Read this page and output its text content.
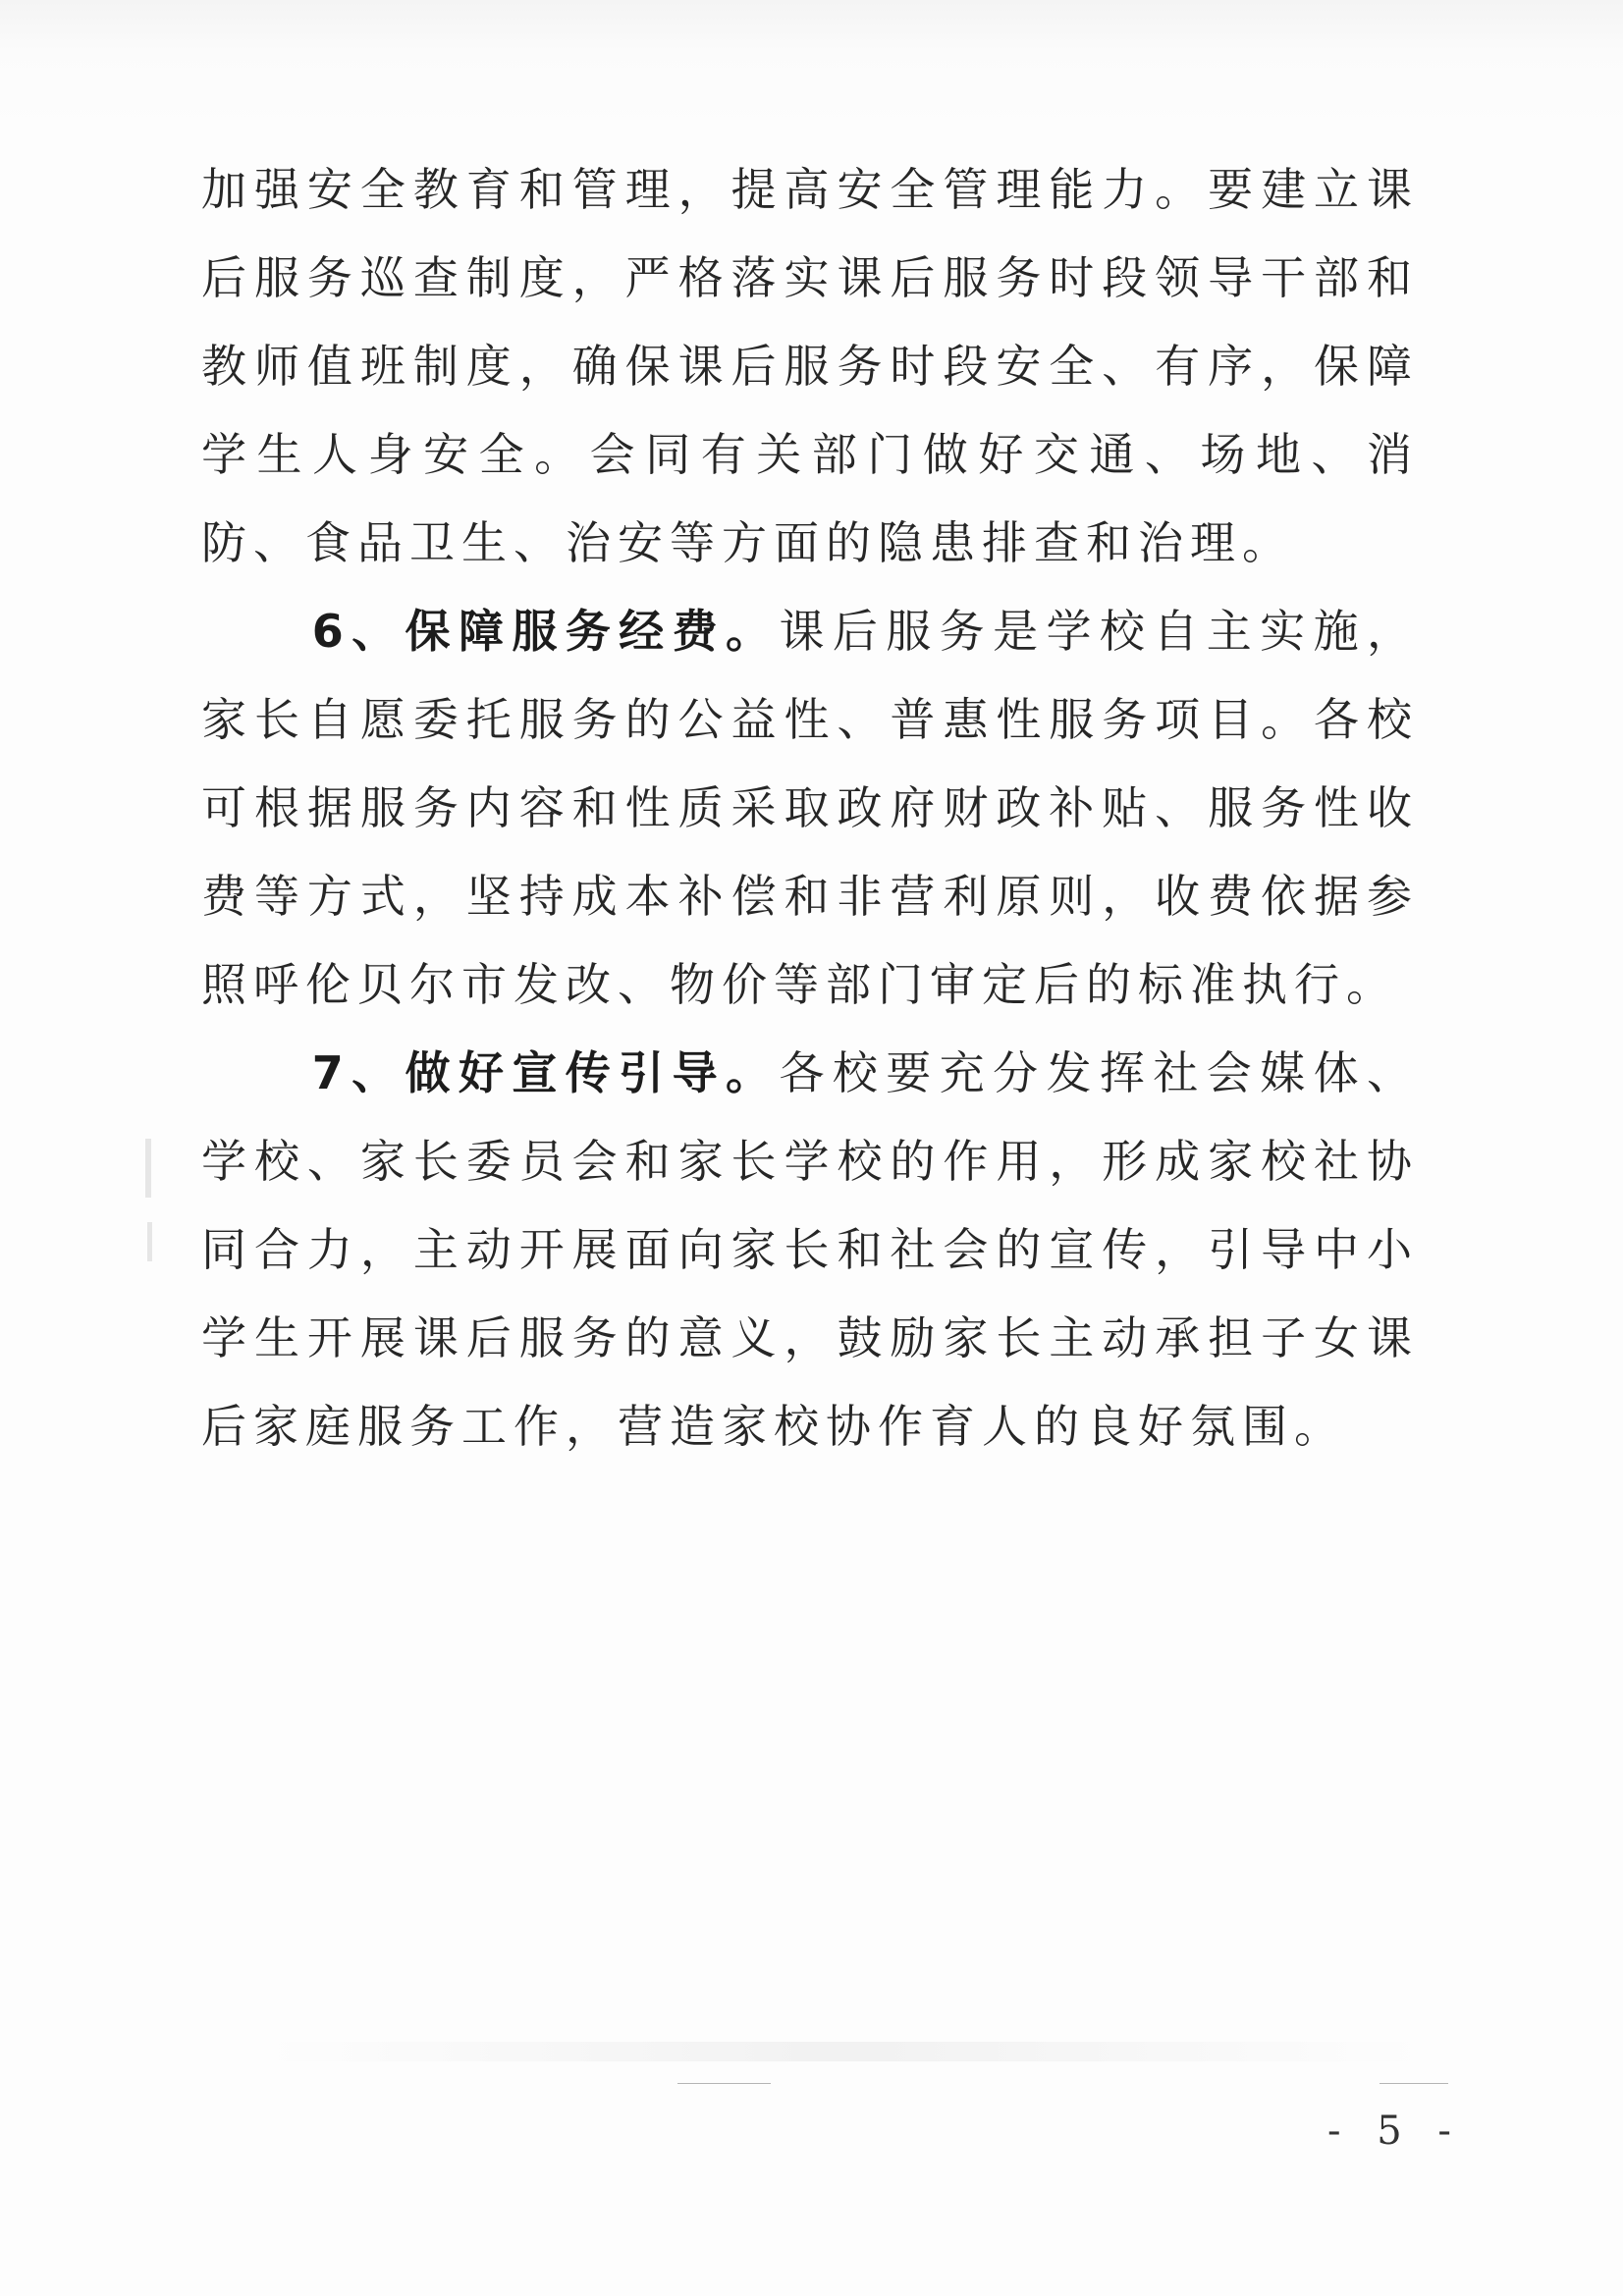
加强安全教育和管理，提高安全管理能力。要建立课后服务巡查制度，严格落实课后服务时段领导干部和教师值班制度，确保课后服务时段安全、有序，保障学生人身安全。会同有关部门做好交通、场地、消防、食品卫生、治安等方面的隐患排查和治理。

6、保障服务经费。课后服务是学校自主实施，家长自愿委托服务的公益性、普惠性服务项目。各校可根据服务内容和性质采取政府财政补贴、服务性收费等方式，坚持成本补偿和非营利原则，收费依据参照呼伦贝尔市发改、物价等部门审定后的标准执行。

7、做好宣传引导。各校要充分发挥社会媒体、学校、家长委员会和家长学校的作用，形成家校社协同合力，主动开展面向家长和社会的宣传，引导中小学生开展课后服务的意义，鼓励家长主动承担子女课后家庭服务工作，营造家校协作育人的良好氛围。

- 5 -
